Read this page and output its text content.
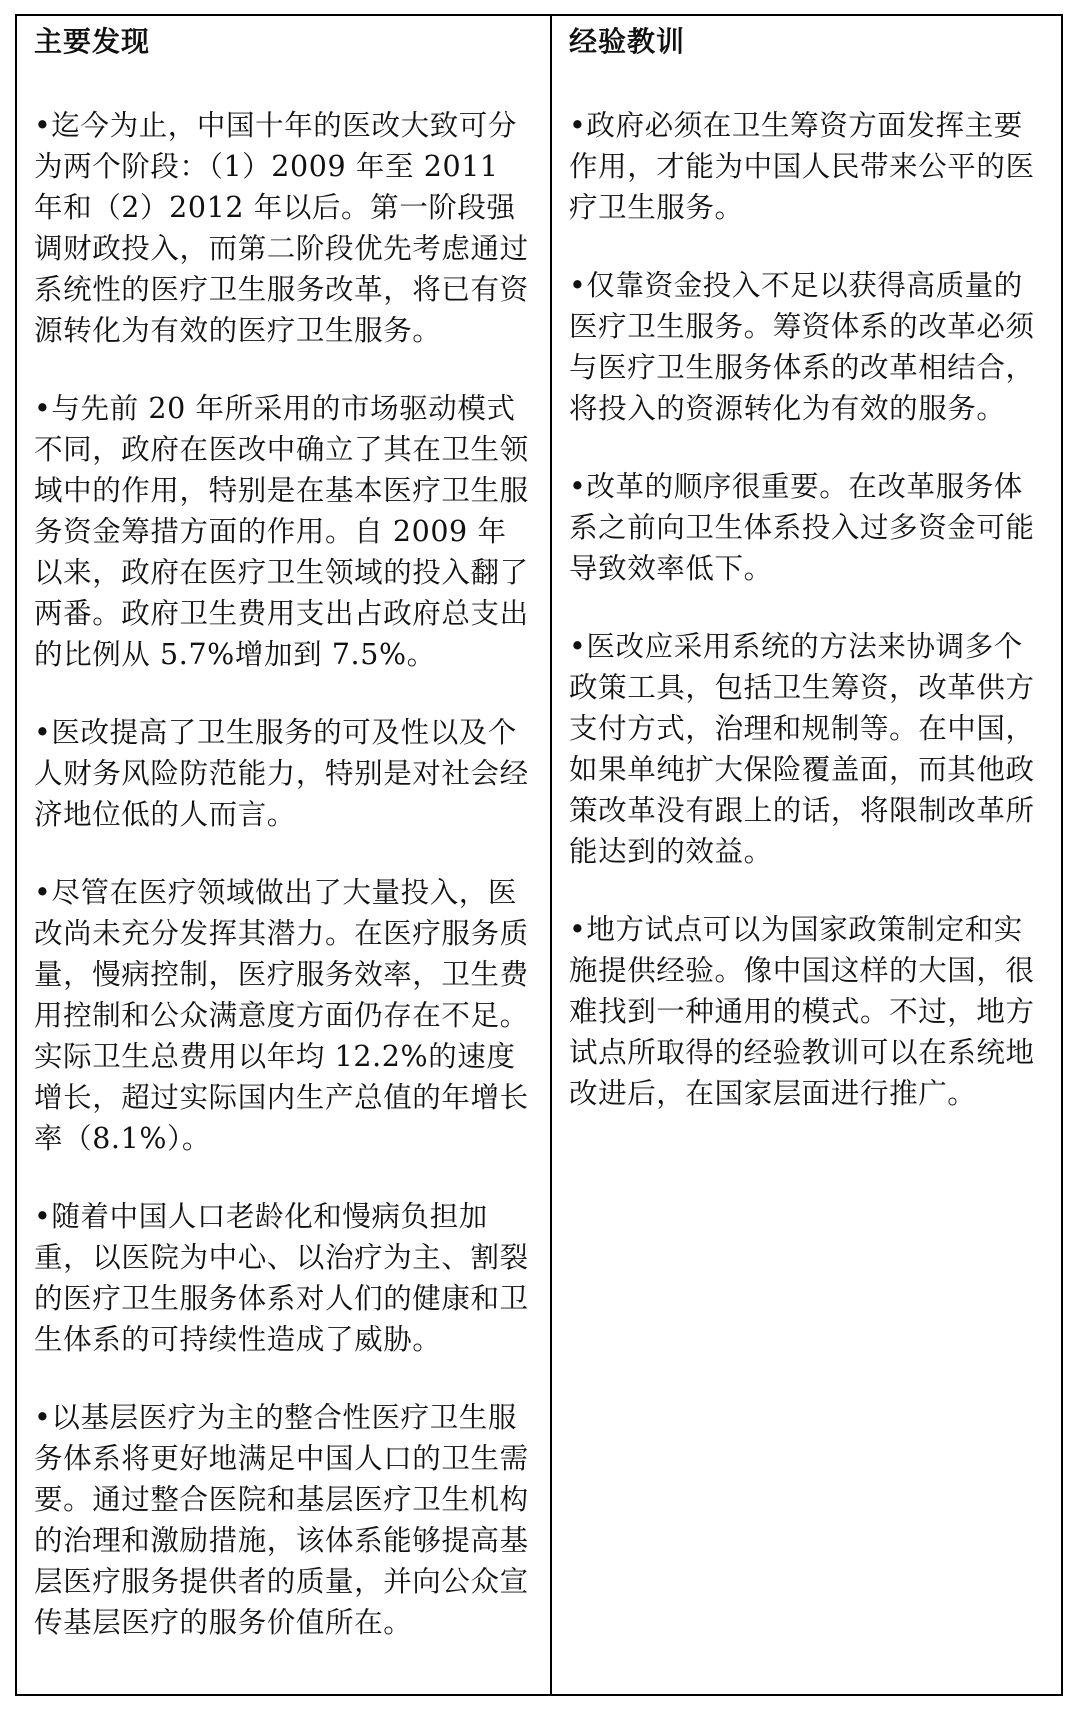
主要发现

•迄今为止，中国十年的医改大致可分为两个阶段：（1）2009 年至 2011 年和（2）2012 年以后。第一阶段强调财政投入，而第二阶段优先考虑通过系统性的医疗卫生服务改革，将已有资源转化为有效的医疗卫生服务。

•与先前 20 年所采用的市场驱动模式不同，政府在医改中确立了其在卫生领域中的作用，特别是在基本医疗卫生服务资金筹措方面的作用。自 2009 年以来，政府在医疗卫生领域的投入翻了两番。政府卫生费用支出占政府总支出的比例从 5.7%增加到 7.5%。

•医改提高了卫生服务的可及性以及个人财务风险防范能力，特别是对社会经济地位低的人而言。

•尽管在医疗领域做出了大量投入，医改尚未充分发挥其潜力。在医疗服务质量，慢病控制，医疗服务效率，卫生费用控制和公众满意度方面仍存在不足。实际卫生总费用以年均 12.2%的速度增长，超过实际国内生产总值的年增长率（8.1%）。

•随着中国人口老龄化和慢病负担加重，以医院为中心、以治疗为主、割裂的医疗卫生服务体系对人们的健康和卫生体系的可持续性造成了威胁。

•以基层医疗为主的整合性医疗卫生服务体系将更好地满足中国人口的卫生需要。通过整合医院和基层医疗卫生机构的治理和激励措施，该体系能够提高基层医疗服务提供者的质量，并向公众宣传基层医疗的服务价值所在。

经验教训

•政府必须在卫生筹资方面发挥主要作用，才能为中国人民带来公平的医疗卫生服务。

•仅靠资金投入不足以获得高质量的医疗卫生服务。筹资体系的改革必须与医疗卫生服务体系的改革相结合，将投入的资源转化为有效的服务。

•改革的顺序很重要。在改革服务体系之前向卫生体系投入过多资金可能导致效率低下。

•医改应采用系统的方法来协调多个政策工具，包括卫生筹资，改革供方支付方式，治理和规制等。在中国，如果单纯扩大保险覆盖面，而其他政策改革没有跟上的话，将限制改革所能达到的效益。

•地方试点可以为国家政策制定和实施提供经验。像中国这样的大国，很难找到一种通用的模式。不过，地方试点所取得的经验教训可以在系统地改进后，在国家层面进行推广。
